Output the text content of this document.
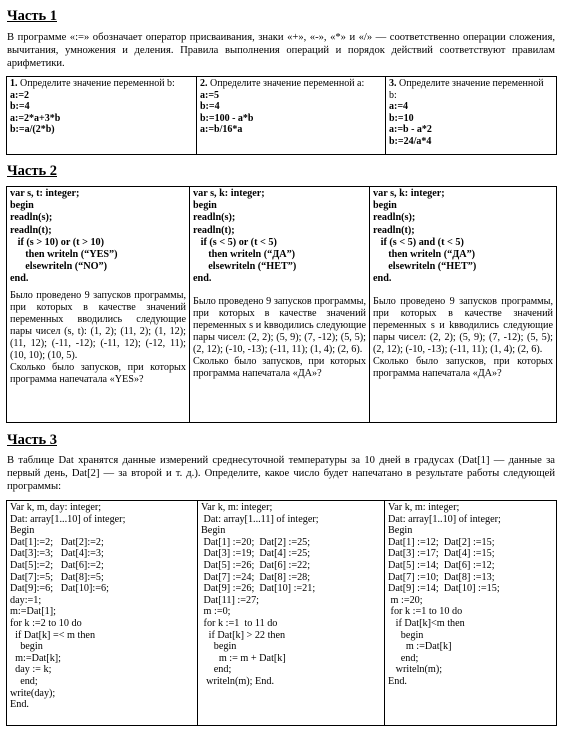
Часть 1

В программе «:=» обозначает оператор присваивания, знаки «+», «-», «*» и «/» — соответственно операции сложения, вычитания, умножения и деления. Правила выполнения операций и порядок действий соответствуют правилам арифметики.

1. Определите значение переменной b:
a:=2
b:=4
a:=2*a+3*b
b:=a/(2*b)

2. Определите значение переменной а:
a:=5
b:=4
b:=100 - a*b
a:=b/16*a

3. Определите значение переменной b:
a:=4
b:=10
a:=b - a*2
b:=24/a*4
Часть 2
var s, t: integer;
begin
readln(s);
readln(t);
if (s > 10) or (t > 10)
then writeln (“YES”)
elsewriteln (“NO”)
end.
Было проведено 9 запусков программы, при которых в качестве значений переменных вводились следующие пары чисел (s, t): (1, 2); (11, 2); (1, 12); (11, 12); (-11, -12); (-11, 12); (-12, 11); (10, 10); (10, 5).
Сколько было запусков, при которых программа напечатала «YES»?

var s, k: integer;
begin
readln(s);
readln(t);
if (s < 5) or (t < 5)
then writeln (“ДА”)
elsewriteln (“НЕТ”)
end.
Было проведено 9 запусков программы, при которых в качестве значений переменных s и kвводились следующие пары чисел: (2, 2); (5, 9); (7, -12); (5, 5); (2, 12); (-10, -13); (-11, 11); (1, 4); (2, 6).
Сколько было запусков, при которых программа напечатала «ДА»?

var s, k: integer;
begin
readln(s);
readln(t);
if (s < 5) and (t < 5)
then writeln (“ДА”)
elsewriteln (“НЕТ”)
end.
Было проведено 9 запусков программы, при которых в качестве значений переменных s и kвводились следующие пары чисел: (2, 2); (5, 9); (7, -12); (5, 5); (2, 12); (-10, -13); (-11, 11); (1, 4); (2, 6).
Сколько было запусков, при которых программа напечатала «ДА»?
Часть 3

В таблице Dat хранятся данные измерений среднесуточной температуры за 10 дней в градусах (Dat[1] — данные за первый день, Dat[2] — за второй и т. д.). Определите, какое число будет напечатано в результате работы следующей программы:

Var k, m, day: integer;
Dat: array[1...10] of integer;
Begin
Dat[1]:=2;   Dat[2]:=2;
Dat[3]:=3;   Dat[4]:=3;
Dat[5]:=2;   Dat[6]:=2;
Dat[7]:=5;   Dat[8]:=5;
Dat[9]:=6;   Dat[10]:=6;
day:=1;
m:=Dat[1];
for k :=2 to 10 do
if Dat[k] =< m then
begin
m:=Dat[k];
day := k;
end;
write(day);
End.	Var k, m: integer;
Dat: array[1...11] of integer;
Begin
Dat[1] :=20;  Dat[2] :=25;
Dat[3] :=19;  Dat[4] :=25;
Dat[5] :=26;  Dat[6] :=22;
Dat[7] :=24;  Dat[8] :=28;
Dat[9] :=26;  Dat[10] :=21;
Dat[11] :=27;
m :=0;
for k :=1  to 11 do
if Dat[k] > 22 then
begin
m := m + Dat[k]
end;
writeln(m); End.	Var k, m: integer;
Dat: array[1..10] of integer;
Begin
Dat[1] :=12;  Dat[2] :=15;
Dat[3] :=17;  Dat[4] :=15;
Dat[5] :=14;  Dat[6] :=12;
Dat[7] :=10;  Dat[8] :=13;
Dat[9] :=14;  Dat[10] :=15;
m :=20;
for k :=1 to 10 do
if Dat[k]<m then
begin
m :=Dat[k]
end;
writeln(m);
End.
